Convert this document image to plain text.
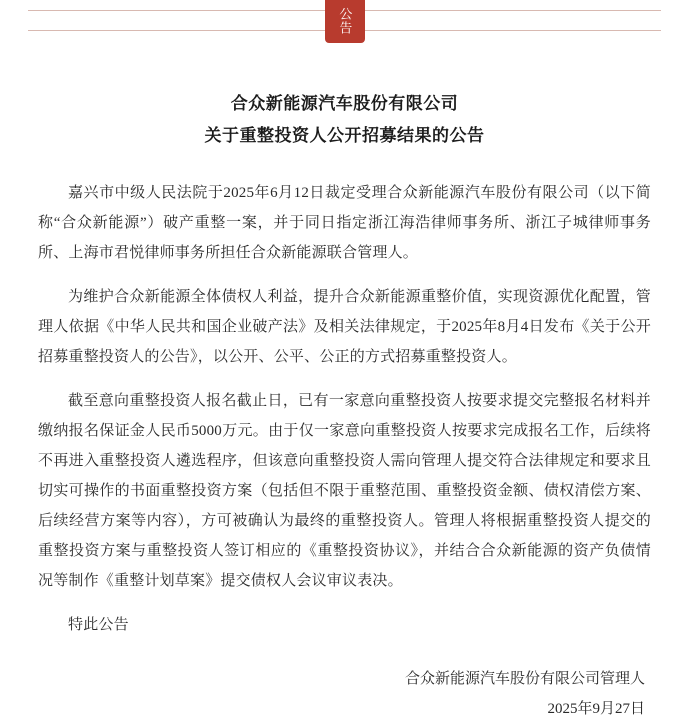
公告
合众新能源汽车股份有限公司
关于重整投资人公开招募结果的公告

嘉兴市中级人民法院于2025年6月12日裁定受理合众新能源汽车股份有限公司（以下简称“合众新能源”）破产重整一案，并于同日指定浙江海浩律师事务所、浙江子城律师事务所、上海市君悦律师事务所担任合众新能源联合管理人。

为维护合众新能源全体债权人利益，提升合众新能源重整价值，实现资源优化配置，管理人依据《中华人民共和国企业破产法》及相关法律规定，于2025年8月4日发布《关于公开招募重整投资人的公告》，以公开、公平、公正的方式招募重整投资人。

截至意向重整投资人报名截止日，已有一家意向重整投资人按要求提交完整报名材料并缴纳报名保证金人民币5000万元。由于仅一家意向重整投资人按要求完成报名工作，后续将不再进入重整投资人遴选程序，但该意向重整投资人需向管理人提交符合法律规定和要求且切实可操作的书面重整投资方案（包括但不限于重整范围、重整投资金额、债权清偿方案、后续经营方案等内容），方可被确认为最终的重整投资人。管理人将根据重整投资人提交的重整投资方案与重整投资人签订相应的《重整投资协议》，并结合合众新能源的资产负债情况等制作《重整计划草案》提交债权人会议审议表决。

特此公告

合众新能源汽车股份有限公司管理人
2025年9月27日
